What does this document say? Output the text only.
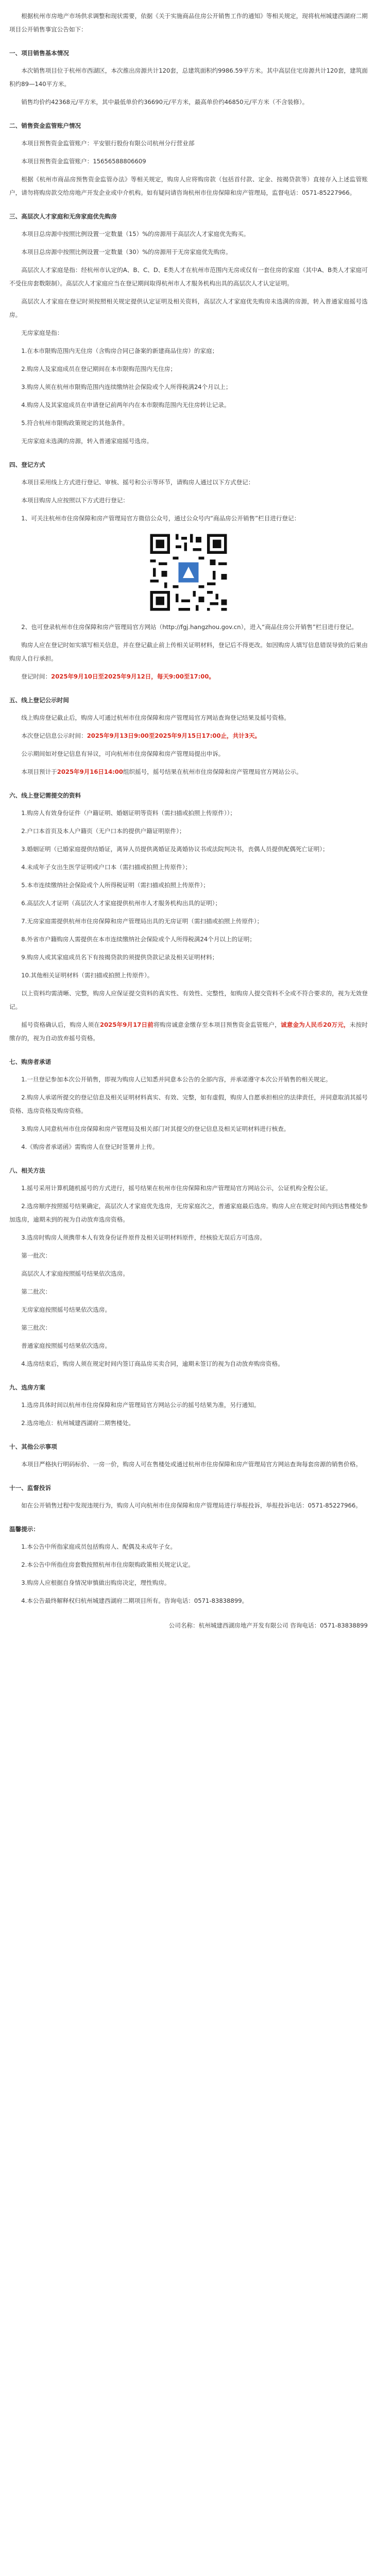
根据杭州市房地产市场供求调整和现状需要，依据《关于实施商品住房公开销售工作的通知》等相关规定，现将杭州城建西湖府二期项目公开销售事宜公告如下：

一、项目销售基本情况

本次销售项目位于杭州市西湖区，本次推出房源共计120套，总建筑面积约9986.59平方米。其中高层住宅房源共计120套，建筑面积约89—140平方米。

销售均价约42368元/平方米，其中最低单价约36690元/平方米，最高单价约46850元/平方米（不含装修）。

二、销售资金监管账户情况

本项目预售资金监管账户：平安银行股份有限公司杭州分行营业部

本项目预售资金监管账户：15656588806609

根据《杭州市商品房预售资金监管办法》等相关规定，购房人应将购房款（包括首付款、定金、按揭贷款等）直接存入上述监管账户，请勿将购房款交给房地产开发企业或中介机构。如有疑问请咨询杭州市住房保障和房产管理局，监督电话：0571-85227966。

三、高层次人才家庭和无房家庭优先购房

本项目总房源中按照比例设置一定数量（15）%的房源用于高层次人才家庭优先购买。

本项目总房源中按照比例设置一定数量（30）%的房源用于无房家庭优先购房。

高层次人才家庭是指：经杭州市认定的A、B、C、D、E类人才在杭州市范围内无房或仅有一套住房的家庭（其中A、B类人才家庭可不受住房套数限制）。高层次人才家庭应当在登记期间取得杭州市人才服务机构出具的高层次人才认定证明。

高层次人才家庭在登记时须按照相关规定提供认定证明及相关资料，高层次人才家庭优先购房未选满的房源，转入普通家庭摇号选房。

无房家庭是指：

1.在本市限购范围内无住房（含购房合同已备案的新建商品住房）的家庭；

2.购房人及家庭成员在登记期间在本市限购范围内无住房；

3.购房人须在杭州市限购范围内连续缴纳社会保险或个人所得税满24个月以上；

4.购房人及其家庭成员在申请登记前两年内在本市限购范围内无住房转让记录。

5.符合杭州市限购政策规定的其他条件。

无房家庭未选满的房源，转入普通家庭摇号选房。

四、登记方式

本项目采用线上方式进行登记、审核、摇号和公示等环节，请购房人通过以下方式登记：

本项目购房人应按照以下方式进行登记：

1、可关注杭州市住房保障和房产管理局官方微信公众号，通过公众号内“商品房公开销售”栏目进行登记：

2、也可登录杭州市住房保障和房产管理局官方网站（http://fgj.hangzhou.gov.cn），进入“商品住房公开销售”栏目进行登记。

购房人应在登记时如实填写相关信息，并在登记截止前上传相关证明材料，登记后不得更改。如因购房人填写信息错误导致的后果由购房人自行承担。

登记时间：2025年9月10日至2025年9月12日，每天9:00至17:00。

五、线上登记公示时间

线上购房登记截止后，购房人可通过杭州市住房保障和房产管理局官方网站查询登记结果及摇号资格。

本次登记信息公示时间：2025年9月13日9:00至2025年9月15日17:00止，共计3天。

公示期间如对登记信息有异议，可向杭州市住房保障和房产管理局提出申诉。

本项目预计于2025年9月16日14:00组织摇号，摇号结果在杭州市住房保障和房产管理局官方网站公示。

六、线上登记需提交的资料

1.购房人有效身份证件（户籍证明、婚姻证明等资料（需扫描或拍照上传原件））；

2.户口本首页及本人户籍页（无户口本的提供户籍证明原件）；

3.婚姻证明（已婚家庭提供结婚证，离异人员提供离婚证及离婚协议书或法院判决书，丧偶人员提供配偶死亡证明）；

4.未成年子女出生医学证明或户口本（需扫描或拍照上传原件）；

5.本市连续缴纳社会保险或个人所得税证明（需扫描或拍照上传原件）；

6.高层次人才证明（高层次人才家庭提供杭州市人才服务机构出具的证明）；

7.无房家庭需提供杭州市住房保障和房产管理局出具的无房证明（需扫描或拍照上传原件）；

8.外省市户籍购房人需提供在本市连续缴纳社会保险或个人所得税满24个月以上的证明；

9.购房人或其家庭成员名下有按揭贷款的须提供贷款记录及相关证明材料；

10.其他相关证明材料（需扫描或拍照上传原件）。

以上资料均需清晰、完整，购房人应保证提交资料的真实性、有效性、完整性，如购房人提交资料不全或不符合要求的，视为无效登记。

摇号资格确认后，购房人须在2025年9月17日前将购房诚意金缴存至本项目预售资金监管账户，诚意金为人民币20万元，未按时缴存的，视为自动放弃摇号资格。

七、购房者承诺

1.一旦登记参加本次公开销售，即视为购房人已知悉并同意本公告的全部内容，并承诺遵守本次公开销售的相关规定。

2.购房人承诺所提交的登记信息及相关证明材料真实、有效、完整，如有虚假，购房人自愿承担相应的法律责任，并同意取消其摇号资格、选房资格及购房资格。

3.购房人同意杭州市住房保障和房产管理局及相关部门对其提交的登记信息及相关证明材料进行核查。

4.《购房者承诺函》需购房人在登记时签署并上传。

八、相关方法

1.摇号采用计算机随机摇号的方式进行，摇号结果在杭州市住房保障和房产管理局官方网站公示，公证机构全程公证。

2.选房顺序按照摇号结果确定，高层次人才家庭优先选房，无房家庭次之，普通家庭最后选房。购房人应在规定时间内到达售楼处参加选房，逾期未到的视为自动放弃选房资格。

3.选房时购房人须携带本人有效身份证件原件及相关证明材料原件，经核验无误后方可选房。

第一批次：

高层次人才家庭按照摇号结果依次选房。

第二批次：

无房家庭按照摇号结果依次选房。

第三批次：

普通家庭按照摇号结果依次选房。

4.选房结束后，购房人须在规定时间内签订商品房买卖合同，逾期未签订的视为自动放弃购房资格。

九、选房方案

1.选房具体时间以杭州市住房保障和房产管理局官方网站公示的摇号结果为准，另行通知。

2.选房地点：杭州城建西湖府二期售楼处。

十、其他公示事项

本项目严格执行明码标价、一房一价，购房人可在售楼处或通过杭州市住房保障和房产管理局官方网站查询每套房源的销售价格。

十一、监督投诉

如在公开销售过程中发现违规行为，购房人可向杭州市住房保障和房产管理局进行举报投诉，举报投诉电话：0571-85227966。

温馨提示：

1.本公告中所指家庭成员包括购房人、配偶及未成年子女。

2.本公告中所指住房套数按照杭州市住房限购政策相关规定认定。

3.购房人应根据自身情况审慎做出购房决定，理性购房。

4.本公告最终解释权归杭州城建西湖府二期项目所有。咨询电话：0571-83838899。

公司名称：杭州城建西湖房地产开发有限公司 咨询电话：0571-83838899
